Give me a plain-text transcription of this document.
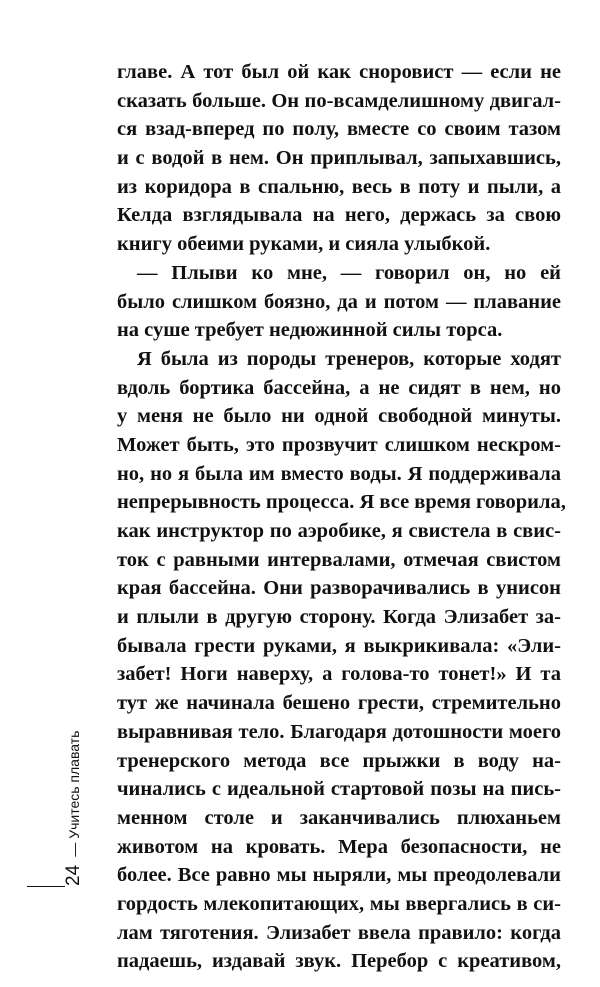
главе. А тот был ой как сноровист — если не
сказать больше. Он по-всамделишному двигал-
ся взад-вперед по полу, вместе со своим тазом
и с водой в нем. Он приплывал, запыхавшись,
из коридора в спальню, весь в поту и пыли, а
Келда взглядывала на него, держась за свою
книгу обеими руками, и сияла улыбкой.
— Плыви ко мне, — говорил он, но ей
было слишком боязно, да и потом — плавание
на суше требует недюжинной силы торса.
Я была из породы тренеров, которые ходят
вдоль бортика бассейна, а не сидят в нем, но
у меня не было ни одной свободной минуты.
Может быть, это прозвучит слишком нескром-
но, но я была им вместо воды. Я поддерживала
непрерывность процесса. Я все время говорила,
как инструктор по аэробике, я свистела в свис-
ток с равными интервалами, отмечая свистом
края бассейна. Они разворачивались в унисон
и плыли в другую сторону. Когда Элизабет за-
бывала грести руками, я выкрикивала: «Эли-
забет! Ноги наверху, а голова-то тонет!» И та
тут же начинала бешено грести, стремительно
выравнивая тело. Благодаря дотошности моего
тренерского метода все прыжки в воду на-
чинались с идеальной стартовой позы на пись-
менном столе и заканчивались плюханьем
животом на кровать. Мера безопасности, не
более. Все равно мы ныряли, мы преодолевали
гордость млекопитающих, мы ввергались в си-
лам тяготения. Элизабет ввела правило: когда
падаешь, издавай звук. Перебор с креативом,
24 — Учитесь плавать
